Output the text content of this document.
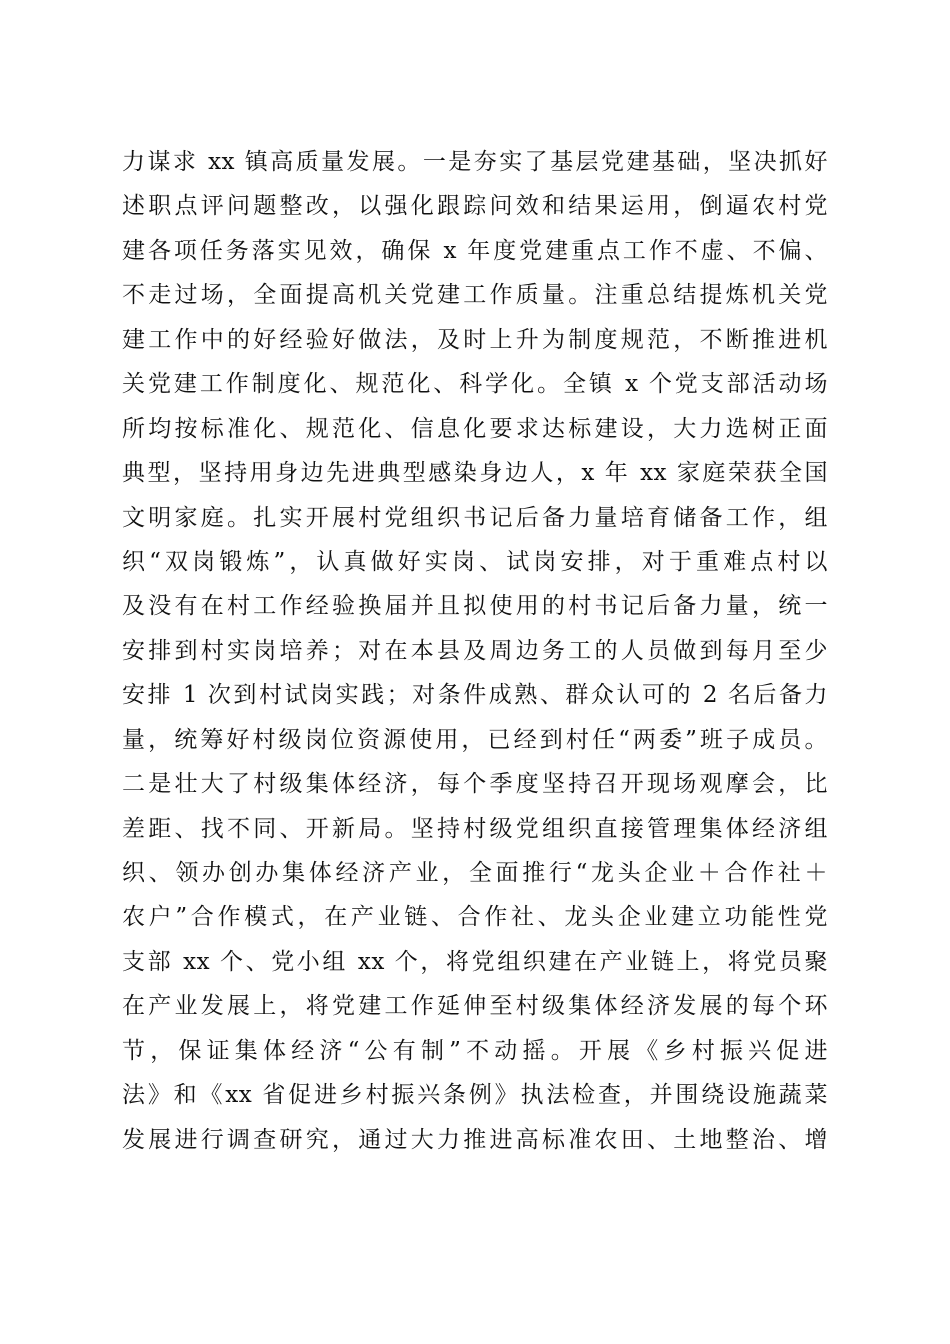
力谋求 xx 镇高质量发展。一是夯实了基层党建基础，坚决抓好
述职点评问题整改，以强化跟踪问效和结果运用，倒逼农村党
建各项任务落实见效，确保 x 年度党建重点工作不虚、不偏、
不走过场，全面提高机关党建工作质量。注重总结提炼机关党
建工作中的好经验好做法，及时上升为制度规范，不断推进机
关党建工作制度化、规范化、科学化。全镇 x 个党支部活动场
所均按标准化、规范化、信息化要求达标建设，大力选树正面
典型，坚持用身边先进典型感染身边人，x 年 xx 家庭荣获全国
文明家庭。扎实开展村党组织书记后备力量培育储备工作，组
织“双岗锻炼”，认真做好实岗、试岗安排，对于重难点村以
及没有在村工作经验换届并且拟使用的村书记后备力量，统一
安排到村实岗培养；对在本县及周边务工的人员做到每月至少
安排 1 次到村试岗实践；对条件成熟、群众认可的 2 名后备力
量，统筹好村级岗位资源使用，已经到村任“两委”班子成员。
二是壮大了村级集体经济，每个季度坚持召开现场观摩会，比
差距、找不同、开新局。坚持村级党组织直接管理集体经济组
织、领办创办集体经济产业，全面推行“龙头企业＋合作社＋
农户”合作模式，在产业链、合作社、龙头企业建立功能性党
支部 xx 个、党小组 xx 个，将党组织建在产业链上，将党员聚
在产业发展上，将党建工作延伸至村级集体经济发展的每个环
节，保证集体经济“公有制”不动摇。开展《乡村振兴促进
法》和《xx 省促进乡村振兴条例》执法检查，并围绕设施蔬菜
发展进行调查研究，通过大力推进高标准农田、土地整治、增
